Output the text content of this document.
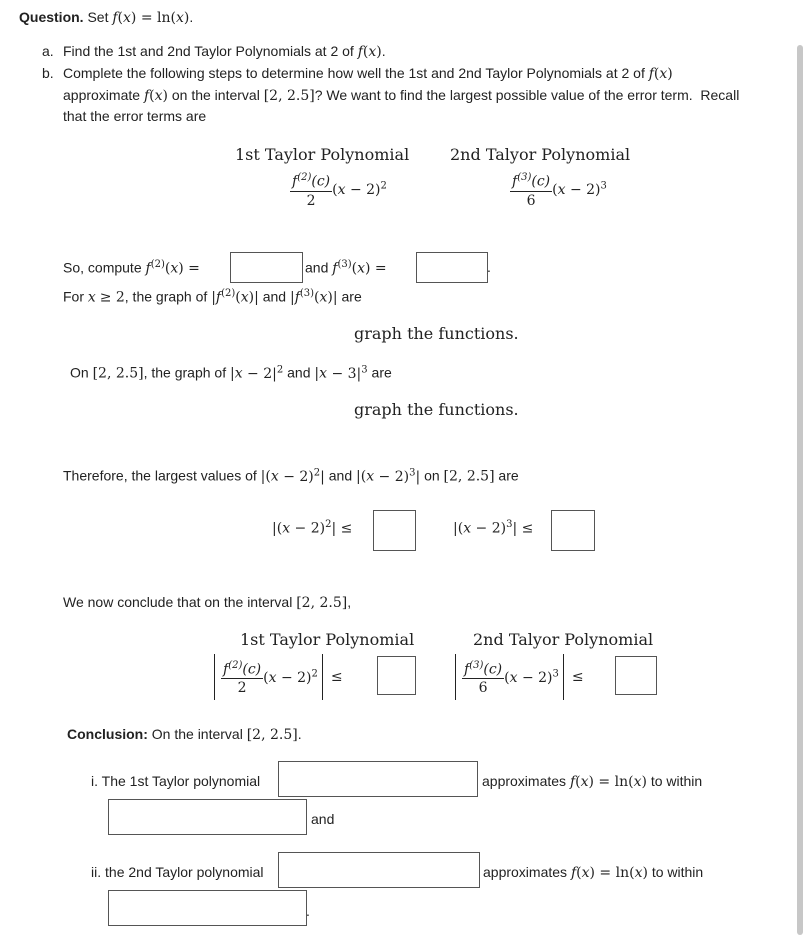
Question. Set f(x) = ln(x).
a. Find the 1st and 2nd Taylor Polynomials at 2 of f(x).
b. Complete the following steps to determine how well the 1st and 2nd Taylor Polynomials at 2 of f(x)
approximate f(x) on the interval [2, 2.5]? We want to find the largest possible value of the error term.  Recall
that the error terms are
1st Taylor Polynomial	2nd Talyor Polynomial
$\frac{f^{(2)}(c)}{2} (x - 2)^2$	$\frac{f^{(3)}(c)}{6} (x - 2)^3$
So, compute $f^{(2)}(x)$ =	and $f^{(3)}(x)$ =	.
For x ≥ 2, the graph of $|f^{(2)}(x)|$ and $|f^{(3)}(x)|$ are
graph the functions.
On [2, 2.5], the graph of $|x - 2|^2$ and $|x - 3|^3$ are
graph the functions.
Therefore, the largest values of $|(x - 2)^2|$ and $|(x - 2)^3|$ on [2, 2.5] are
$|(x - 2)^2|$ ≤	$|(x - 2)^3|$ ≤
We now conclude that on the interval [2, 2.5],
1st Taylor Polynomial	2nd Talyor Polynomial
$\frac{f^{(2)}(c)}{2} (x - 2)^2$ ≤	$\frac{f^{(3)}(c)}{6} (x - 2)^3$ ≤
Conclusion: On the interval [2, 2.5].
i. The 1st Taylor polynomial	approximates f(x) = ln(x) to within
and
ii. the 2nd Taylor polynomial	approximates f(x) = ln(x) to within
.
